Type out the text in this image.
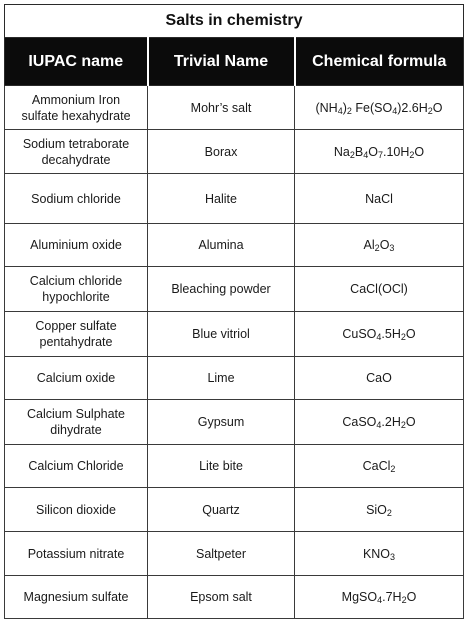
Salts in chemistry		
IUPAC name	Trivial Name	Chemical formula
Ammonium Iron sulfate hexahydrate	Mohr’s salt	$(NH_4)_2$ $Fe(SO_4)2.6H_2O$
Sodium tetraborate decahydrate	Borax	$Na_2B_4O_7.10H_2O$
Sodium chloride	Halite	NaCl
Aluminium oxide	Alumina	$Al_2O_3$
Calcium chloride hypochlorite	Bleaching powder	CaCl(OCl)
Copper sulfate pentahydrate	Blue vitriol	$CuSO_4.5H_2O$
Calcium oxide	Lime	CaO
Calcium Sulphate dihydrate	Gypsum	$CaSO_4.2H_2O$
Calcium Chloride	Lite bite	CaCl$_2$
Silicon dioxide	Quartz	SiO$_2$
Potassium nitrate	Saltpeter	$KNO_3$
Magnesium sulfate	Epsom salt	$MgSO_4.7H_2O$
